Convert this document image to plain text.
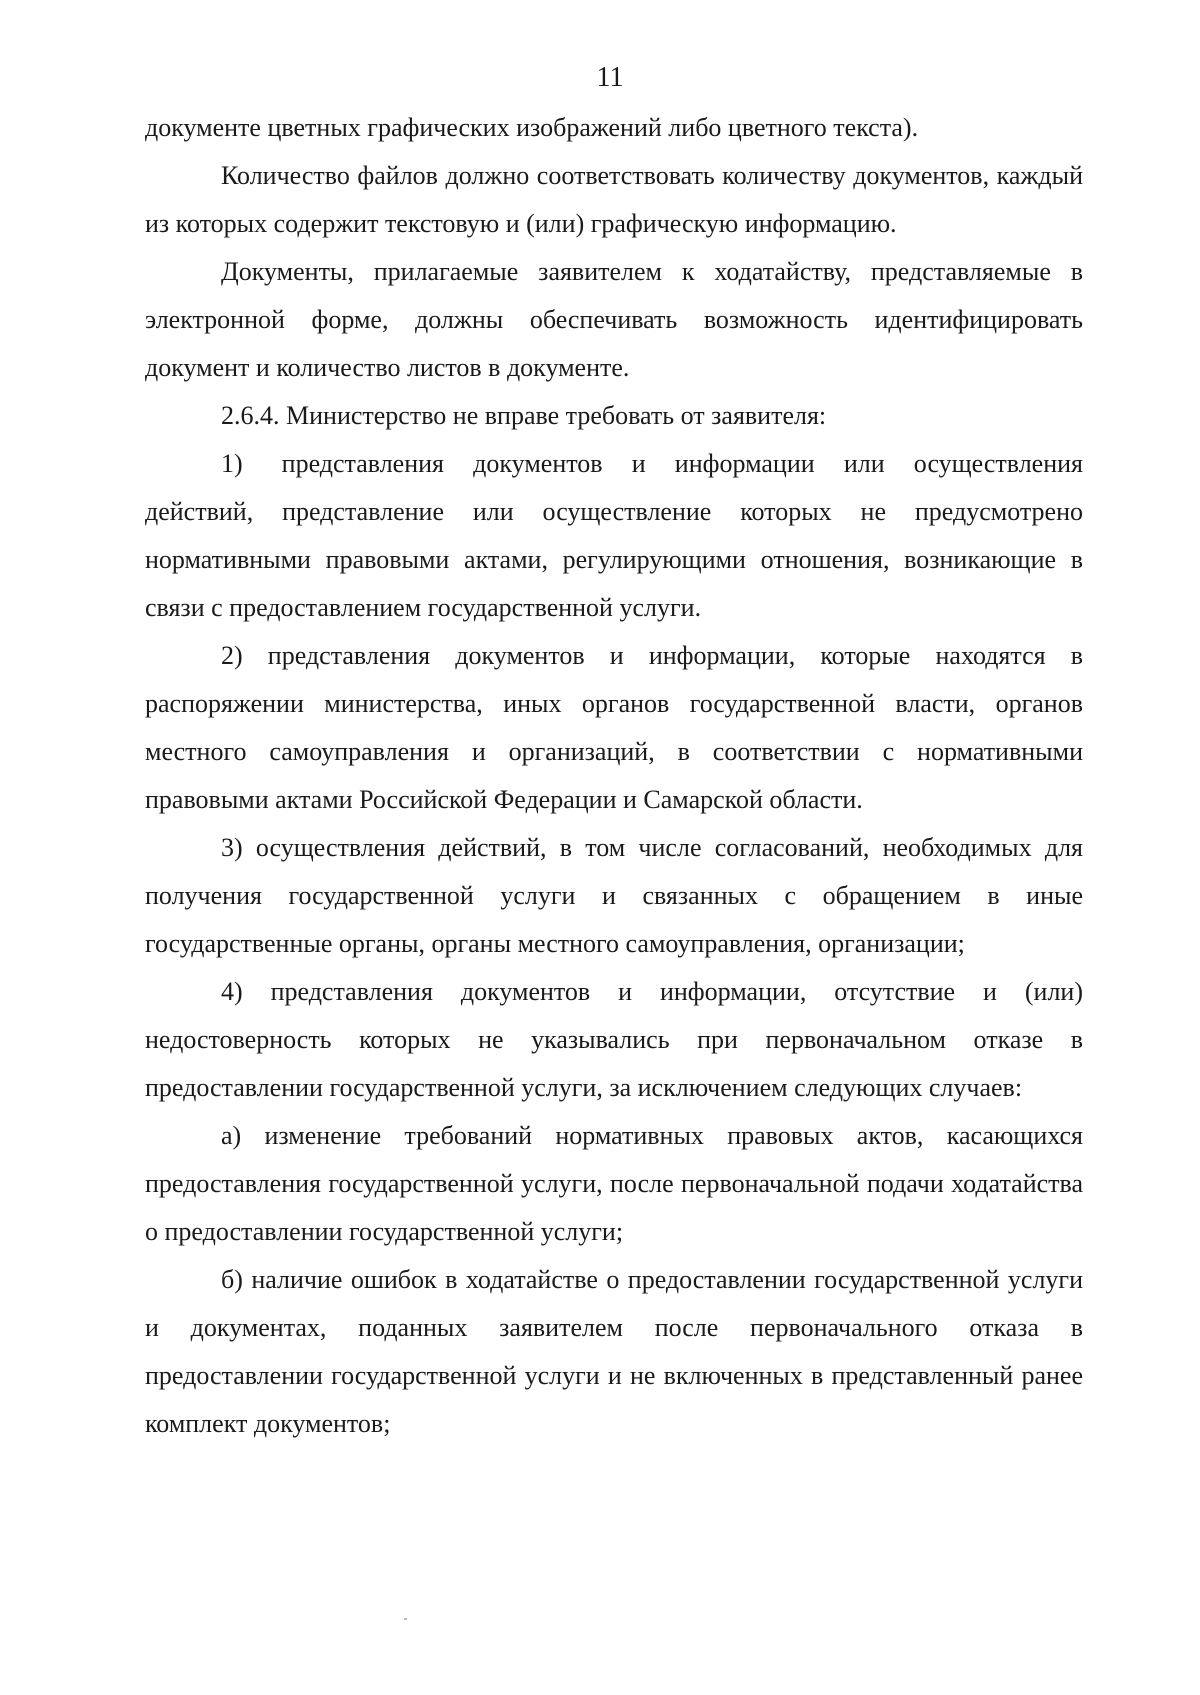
11

документе цветных графических изображений либо цветного текста).

Количество файлов должно соответствовать количеству документов, каждый из которых содержит текстовую и (или) графическую информацию.

Документы, прилагаемые заявителем к ходатайству, представляемые в электронной форме, должны обеспечивать возможность идентифицировать документ и количество листов в документе.

2.6.4. Министерство не вправе требовать от заявителя:

1)  представления документов и информации или осуществления действий, представление или осуществление которых не предусмотрено нормативными правовыми актами, регулирующими отношения, возникающие в связи с предоставлением государственной услуги.

2) представления документов и информации, которые находятся в распоряжении министерства, иных органов государственной власти, органов местного самоуправления и организаций, в соответствии с нормативными правовыми актами Российской Федерации и Самарской области.

3) осуществления действий, в том числе согласований, необходимых для получения государственной услуги и связанных с обращением в иные государственные органы, органы местного самоуправления, организации;

4) представления документов и информации, отсутствие и (или) недостоверность которых не указывались при первоначальном отказе в предоставлении государственной услуги, за исключением следующих случаев:

а) изменение требований нормативных правовых актов, касающихся предоставления государственной услуги, после первоначальной подачи ходатайства о предоставлении государственной услуги;

б) наличие ошибок в ходатайстве о предоставлении государственной услуги и документах, поданных заявителем после первоначального отказа в предоставлении государственной услуги и не включенных в представленный ранее комплект документов;
